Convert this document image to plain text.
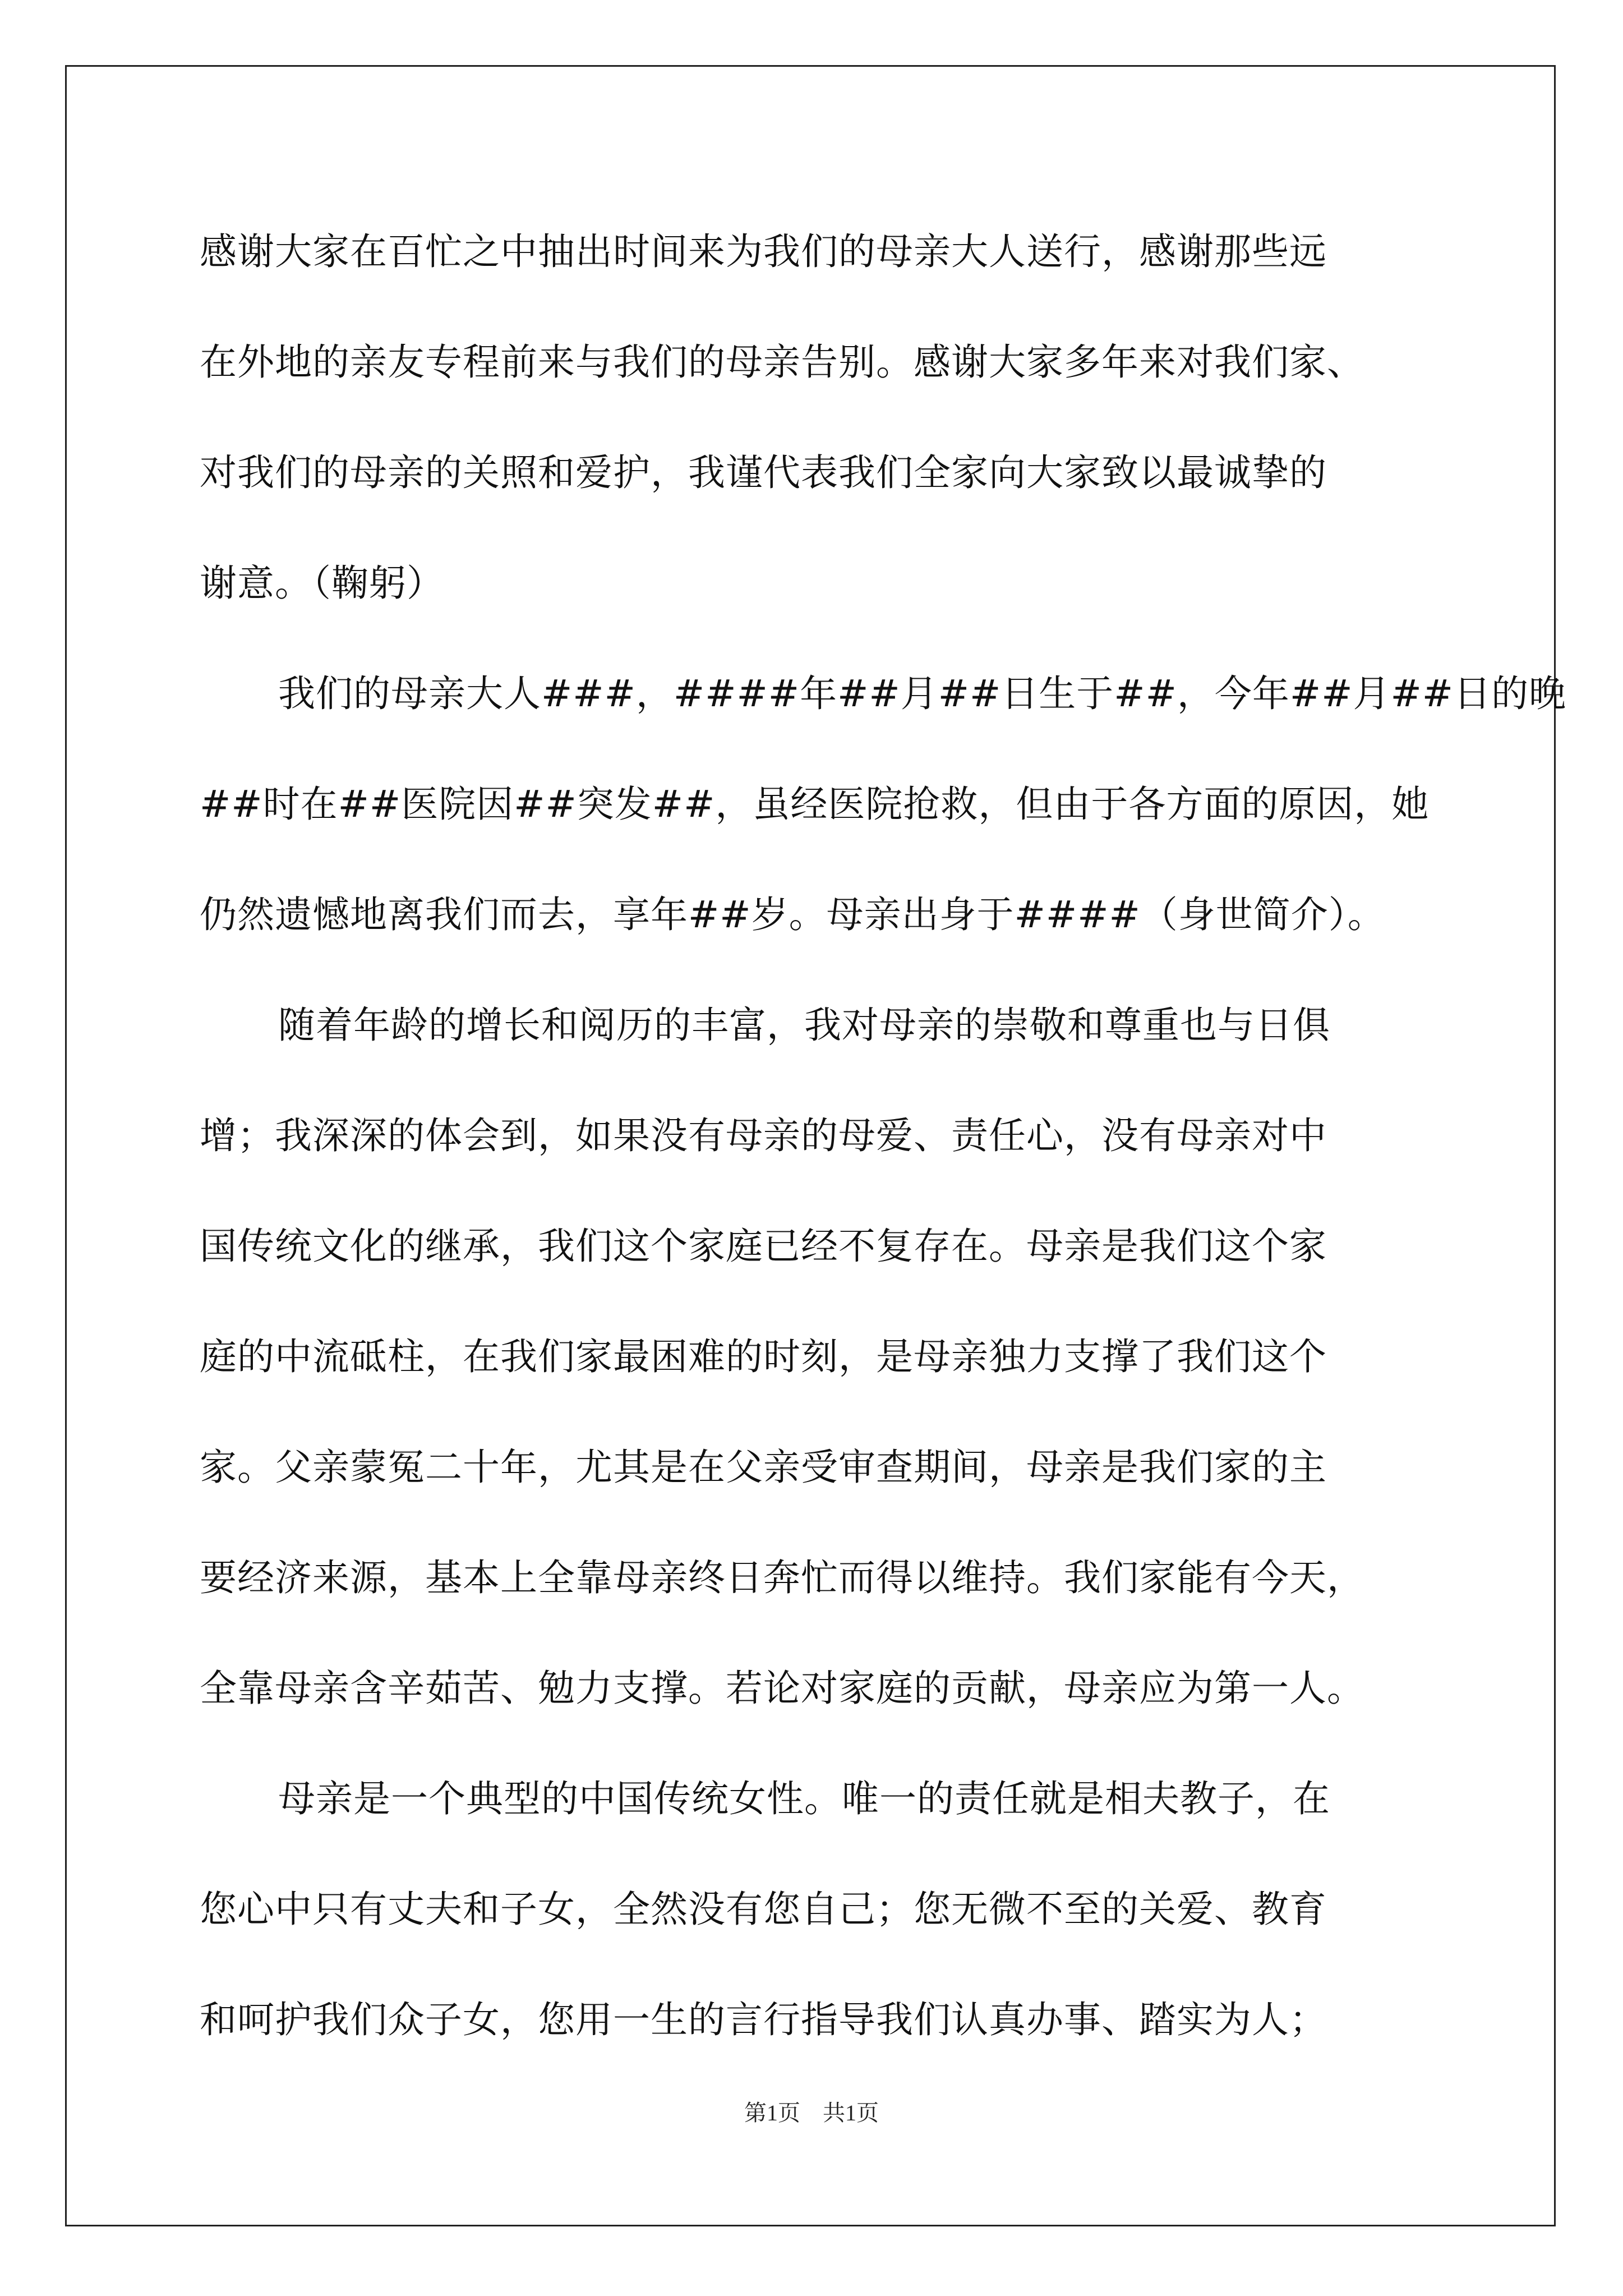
感谢大家在百忙之中抽出时间来为我们的母亲大人送行，感谢那些远
在外地的亲友专程前来与我们的母亲告别。感谢大家多年来对我们家、
对我们的母亲的关照和爱护，我谨代表我们全家向大家致以最诚挚的
谢意。（鞠躬）
我们的母亲大人###，####年##月##日生于##，今年##月##日的晚
##时在##医院因##突发##，虽经医院抢救，但由于各方面的原因，她
仍然遗憾地离我们而去，享年##岁。母亲出身于####（身世简介）。
随着年龄的增长和阅历的丰富，我对母亲的崇敬和尊重也与日俱
增；我深深的体会到，如果没有母亲的母爱、责任心，没有母亲对中
国传统文化的继承，我们这个家庭已经不复存在。母亲是我们这个家
庭的中流砥柱，在我们家最困难的时刻，是母亲独力支撑了我们这个
家。父亲蒙冤二十年，尤其是在父亲受审查期间，母亲是我们家的主
要经济来源，基本上全靠母亲终日奔忙而得以维持。我们家能有今天，
全靠母亲含辛茹苦、勉力支撑。若论对家庭的贡献，母亲应为第一人。
母亲是一个典型的中国传统女性。唯一的责任就是相夫教子，在
您心中只有丈夫和子女，全然没有您自己；您无微不至的关爱、教育
和呵护我们众子女，您用一生的言行指导我们认真办事、踏实为人；
第1页    共1页
